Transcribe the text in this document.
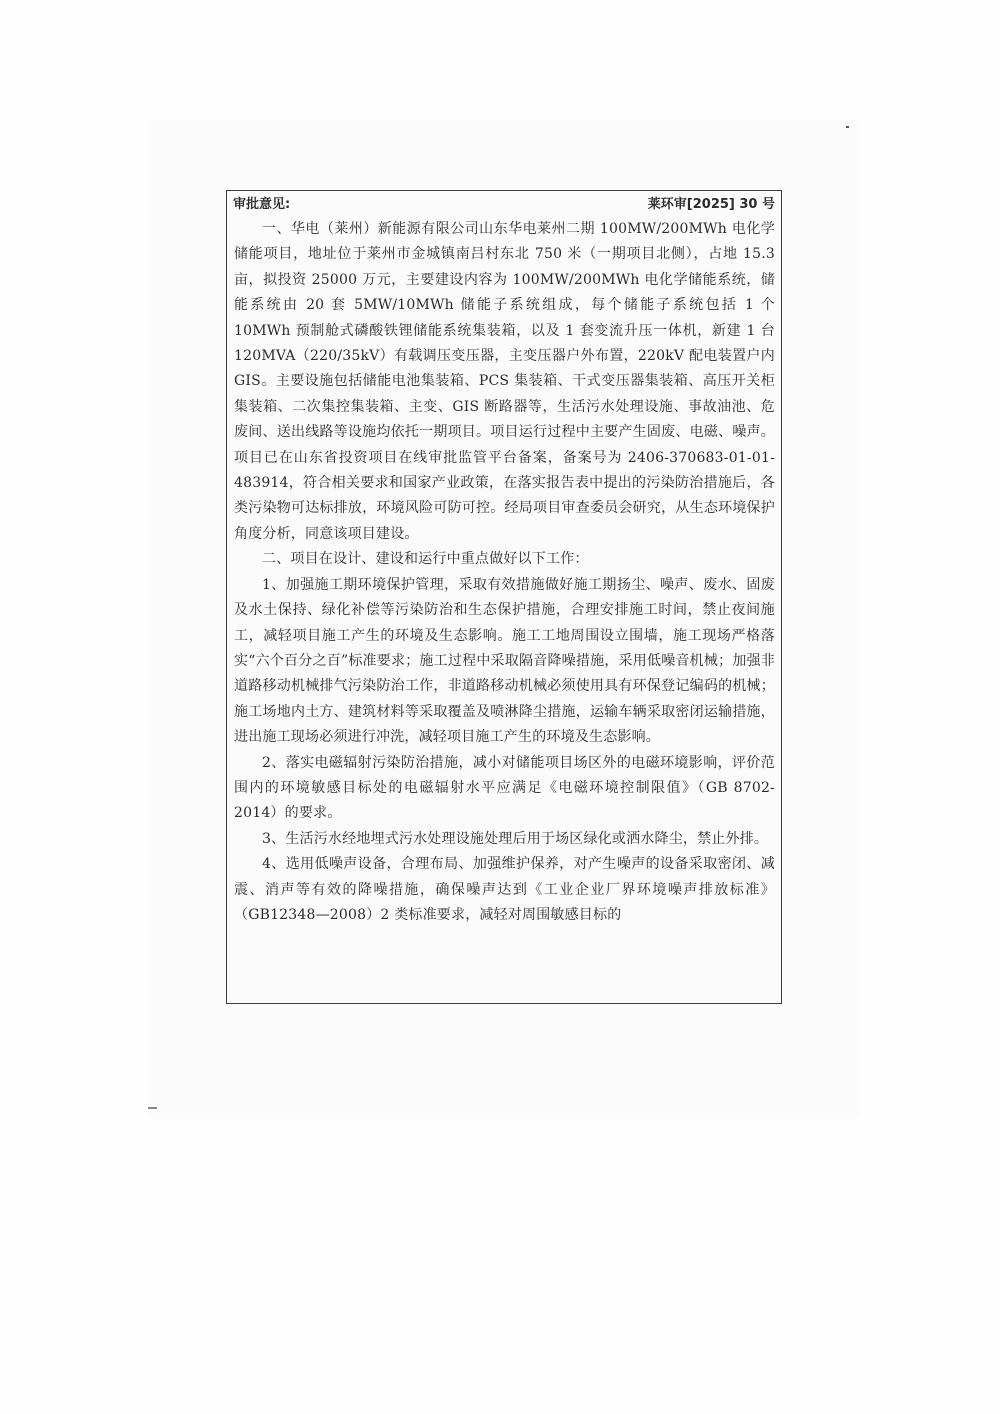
审批意见:	莱环审[2025] 30 号

一、华电（莱州）新能源有限公司山东华电莱州二期 100MW/200MWh 电化学储能项目，地址位于莱州市金城镇南吕村东北 750 米（一期项目北侧），占地 15.3 亩，拟投资 25000 万元，主要建设内容为 100MW/200MWh 电化学储能系统，储能系统由 20 套 5MW/10MWh 储能子系统组成，每个储能子系统包括 1 个 10MWh 预制舱式磷酸铁锂储能系统集装箱，以及 1 套变流升压一体机，新建 1 台 120MVA（220/35kV）有载调压变压器，主变压器户外布置，220kV 配电装置户内 GIS。主要设施包括储能电池集装箱、PCS 集装箱、干式变压器集装箱、高压开关柜集装箱、二次集控集装箱、主变、GIS 断路器等，生活污水处理设施、事故油池、危废间、送出线路等设施均依托一期项目。项目运行过程中主要产生固废、电磁、噪声。项目已在山东省投资项目在线审批监管平台备案，备案号为 2406-370683-01-01-483914，符合相关要求和国家产业政策，在落实报告表中提出的污染防治措施后，各类污染物可达标排放，环境风险可防可控。经局项目审查委员会研究，从生态环境保护角度分析，同意该项目建设。

二、项目在设计、建设和运行中重点做好以下工作：

1、加强施工期环境保护管理，采取有效措施做好施工期扬尘、噪声、废水、固废及水土保持、绿化补偿等污染防治和生态保护措施，合理安排施工时间，禁止夜间施工，减轻项目施工产生的环境及生态影响。施工工地周围设立围墙，施工现场严格落实“六个百分之百”标准要求；施工过程中采取隔音降噪措施，采用低噪音机械；加强非道路移动机械排气污染防治工作，非道路移动机械必须使用具有环保登记编码的机械；施工场地内土方、建筑材料等采取覆盖及喷淋降尘措施，运输车辆采取密闭运输措施，进出施工现场必须进行冲洗，减轻项目施工产生的环境及生态影响。

2、落实电磁辐射污染防治措施，减小对储能项目场区外的电磁环境影响，评价范围内的环境敏感目标处的电磁辐射水平应满足《电磁环境控制限值》（GB 8702-2014）的要求。

3、生活污水经地埋式污水处理设施处理后用于场区绿化或洒水降尘，禁止外排。

4、选用低噪声设备，合理布局、加强维护保养，对产生噪声的设备采取密闭、减震、消声等有效的降噪措施，确保噪声达到《工业企业厂界环境噪声排放标准》（GB12348—2008）2 类标准要求，减轻对周围敏感目标的
